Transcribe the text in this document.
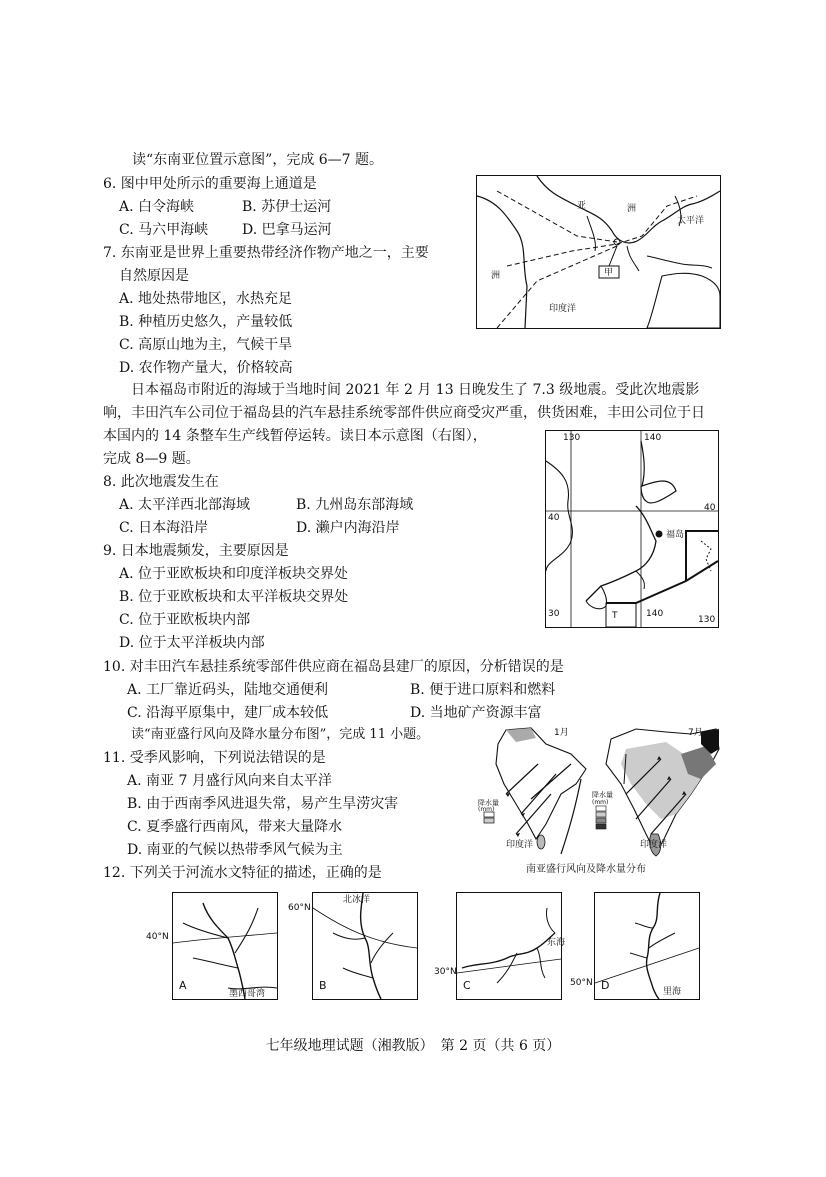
读“东南亚位置示意图”，完成 6—7 题。
6. 图中甲处所示的重要海上通道是
A. 白令海峡	B. 苏伊士运河
C. 马六甲海峡 D. 巴拿马运河
7. 东南亚是世界上重要热带经济作物产地之一，主要
自然原因是
A. 地处热带地区，水热充足
B. 种植历史悠久，产量较低
C. 高原山地为主，气候干旱
D. 农作物产量大，价格较高
亚	洲
太平洋
甲
洲
印度洋
日本福岛市附近的海域于当地时间 2021 年 2 月 13 日晚发生了 7.3 级地震。受此次地震影
响，丰田汽车公司位于福岛县的汽车悬挂系统零部件供应商受灾严重，供货困难，丰田公司位于日
本国内的 14 条整车生产线暂停运转。读日本示意图（右图），
完成 8—9 题。
8. 此次地震发生在
A. 太平洋西北部海域	B. 九州岛东部海域
C. 日本海沿岸	D. 濑户内海沿岸
9. 日本地震频发，主要原因是
A. 位于亚欧板块和印度洋板块交界处
B. 位于亚欧板块和太平洋板块交界处
C. 位于亚欧板块内部
D. 位于太平洋板块内部
130	140
40
40
福岛
30	140
130
T
10. 对丰田汽车悬挂系统零部件供应商在福岛县建厂的原因，分析错误的是
A. 工厂靠近码头，陆地交通便利	B. 便于进口原料和燃料
C. 沿海平原集中，建厂成本较低	D. 当地矿产资源丰富
读“南亚盛行风向及降水量分布图”，完成 11 小题。
11. 受季风影响，下列说法错误的是
A. 南亚 7 月盛行风向来自太平洋
B. 由于西南季风进退失常，易产生旱涝灾害
C. 夏季盛行西南风，带来大量降水
D. 南亚的气候以热带季风气候为主
1月	7月
降水量
(mm)
降水量
(mm)
印度洋	印度洋
南亚盛行风向及降水量分布
12. 下列关于河流水文特征的描述，正确的是
A
墨西哥湾
40°N
B
北冰洋
60°N
C
东海
30°N
D	里海
50°N
七年级地理试题（湘教版）　第 2 页（共 6 页）
